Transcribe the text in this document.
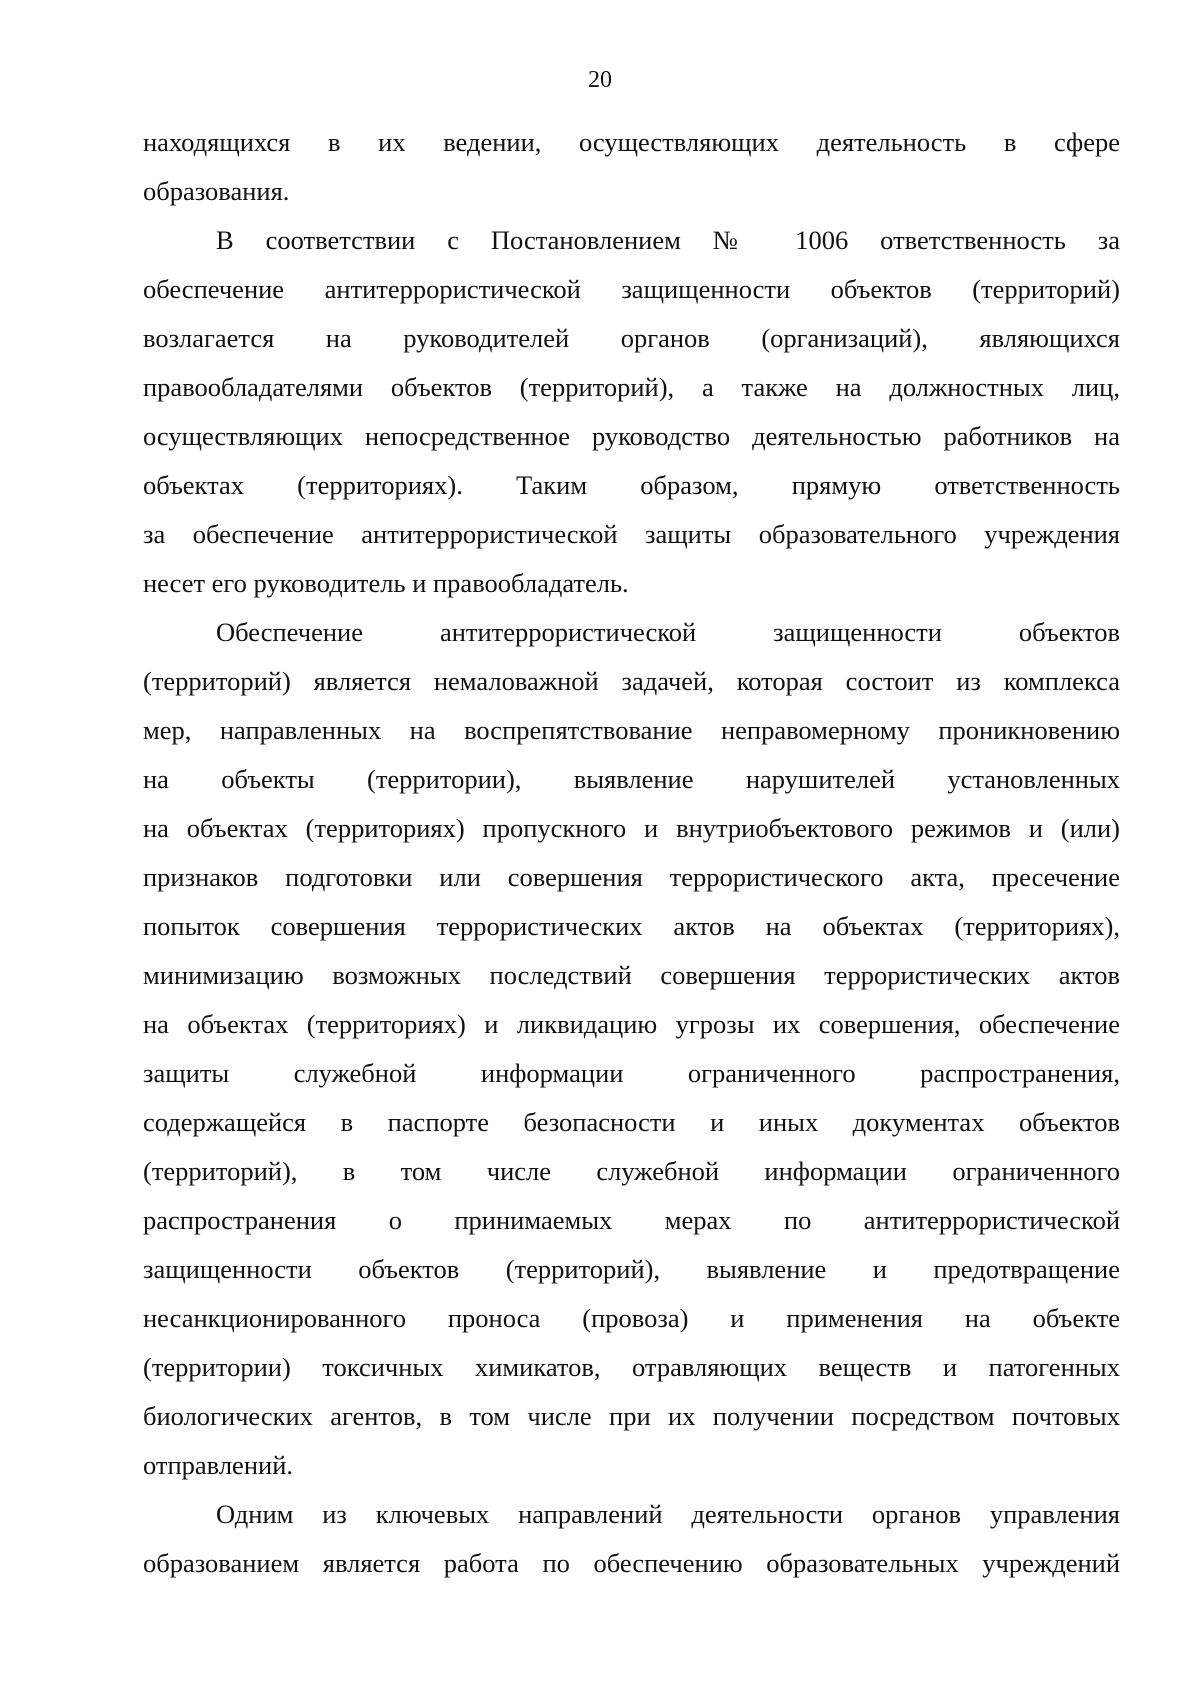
20
находящихся в их ведении, осуществляющих деятельность в сфере
образования.
В соответствии с Постановлением № 1006 ответственность за
обеспечение антитеррористической защищенности объектов (территорий)
возлагается на руководителей органов (организаций), являющихся
правообладателями объектов (территорий), а также на должностных лиц,
осуществляющих непосредственное руководство деятельностью работников на
объектах (территориях). Таким образом, прямую ответственность
за обеспечение антитеррористической защиты образовательного учреждения
несет его руководитель и правообладатель.
Обеспечение антитеррористической защищенности объектов
(территорий) является немаловажной задачей, которая состоит из комплекса
мер, направленных на воспрепятствование неправомерному проникновению
на объекты (территории), выявление нарушителей установленных
на объектах (территориях) пропускного и внутриобъектового режимов и (или)
признаков подготовки или совершения террористического акта, пресечение
попыток совершения террористических актов на объектах (территориях),
минимизацию возможных последствий совершения террористических актов
на объектах (территориях) и ликвидацию угрозы их совершения, обеспечение
защиты служебной информации ограниченного распространения,
содержащейся в паспорте безопасности и иных документах объектов
(территорий), в том числе служебной информации ограниченного
распространения о принимаемых мерах по антитеррористической
защищенности объектов (территорий), выявление и предотвращение
несанкционированного проноса (провоза) и применения на объекте
(территории) токсичных химикатов, отравляющих веществ и патогенных
биологических агентов, в том числе при их получении посредством почтовых
отправлений.
Одним из ключевых направлений деятельности органов управления
образованием является работа по обеспечению образовательных учреждений
